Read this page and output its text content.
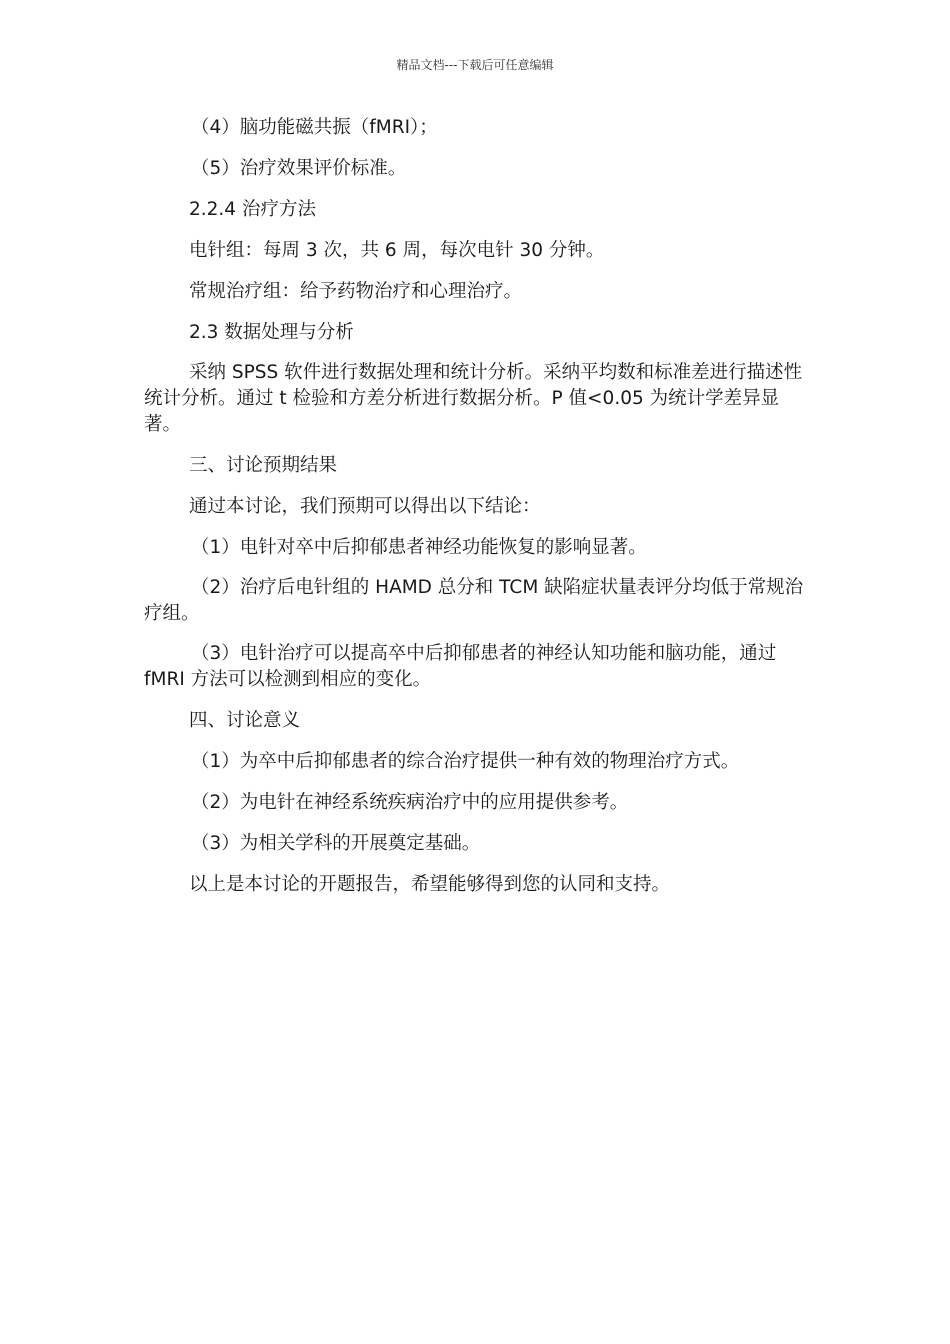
精品文档---下载后可任意编辑

（4）脑功能磁共振（fMRI）；

（5）治疗效果评价标准。

2.2.4 治疗方法

电针组：每周 3 次，共 6 周，每次电针 30 分钟。

常规治疗组：给予药物治疗和心理治疗。

2.3 数据处理与分析

采纳 SPSS 软件进行数据处理和统计分析。采纳平均数和标准差进行描述性统计分析。通过 t 检验和方差分析进行数据分析。P 值<0.05 为统计学差异显著。

三、讨论预期结果

通过本讨论，我们预期可以得出以下结论：

（1）电针对卒中后抑郁患者神经功能恢复的影响显著。

（2）治疗后电针组的 HAMD 总分和 TCM 缺陷症状量表评分均低于常规治疗组。

（3）电针治疗可以提高卒中后抑郁患者的神经认知功能和脑功能，通过 fMRI 方法可以检测到相应的变化。

四、讨论意义

（1）为卒中后抑郁患者的综合治疗提供一种有效的物理治疗方式。

（2）为电针在神经系统疾病治疗中的应用提供参考。

（3）为相关学科的开展奠定基础。

以上是本讨论的开题报告，希望能够得到您的认同和支持。
